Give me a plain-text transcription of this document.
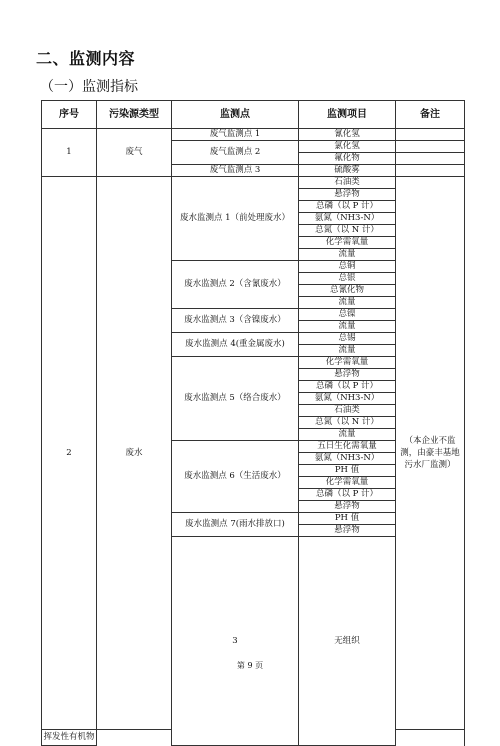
二、监测内容
（一）监测指标
序号	污染源类型	监测点	监测项目	备注	
1	废气	废气监测点 1	氰化氢		
		废气监测点 2	氯化氢		
			氟化物		
		废气监测点 3	硫酸雾		
2	废水	废水监测点 1（前处理废水）	石油类	（本企业不监测，由豪丰基地污水厂监测）	
			悬浮物		
			总磷（以 P 计）		
			氨氮（NH3-N）		
			总氮（以 N 计）		
			化学需氧量		
			流量		
		废水监测点 2（含氰废水）	总铜		
			总银		
			总氰化物		
			流量		
		废水监测点 3（含镍废水）	总镍		
			流量		
		废水监测点 4(重金属废水)	总锡		
			流量		
		废水监测点 5（络合废水）	化学需氧量		
			悬浮物		
			总磷（以 P 计）		
			氨氮（NH3-N）		
			石油类		
			总氮（以 N 计）		
			流量		
		废水监测点 6（生活废水）	五日生化需氧量		
			氨氮（NH3-N）		
			PH 值		
			化学需氧量		
			总磷（以 P 计）		
			悬浮物		
		废水监测点 7(雨水排放口)	PH 值		
			悬浮物		
		3	无组织			

挥发性有机物					
第 9 页
